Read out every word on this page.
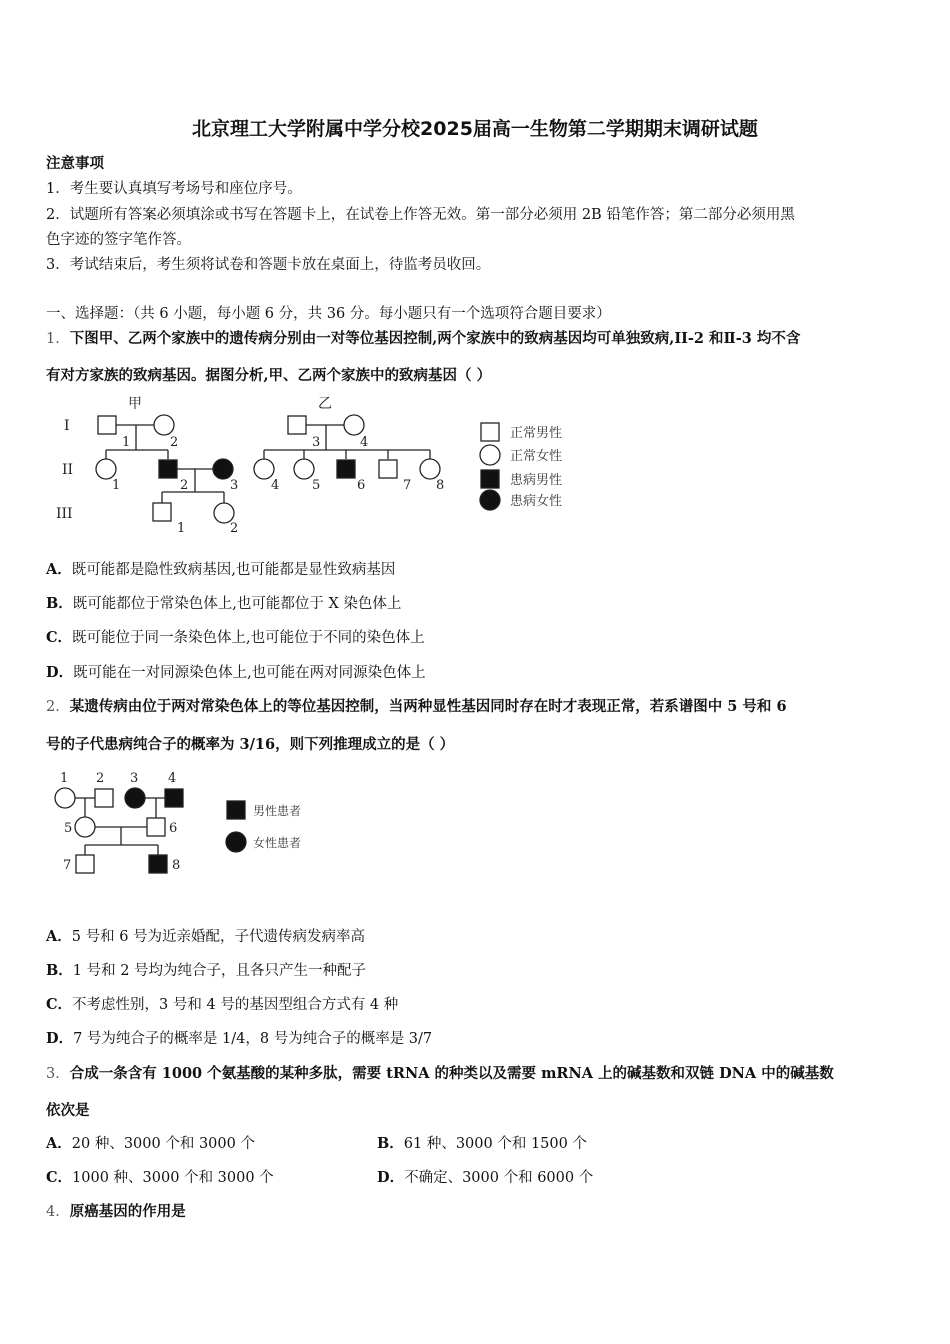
北京理工大学附属中学分校2025届高一生物第二学期期末调研试题
注意事项
1．考生要认真填写考场号和座位序号。
2．试题所有答案必须填涂或书写在答题卡上，在试卷上作答无效。第一部分必须用 2B 铅笔作答；第二部分必须用黑
色字迹的签字笔作答。
3．考试结束后，考生须将试卷和答题卡放在桌面上，待监考员收回。
一、选择题：（共 6 小题，每小题 6 分，共 36 分。每小题只有一个选项符合题目要求）
1．下图甲、乙两个家族中的遗传病分别由一对等位基因控制,两个家族中的致病基因均可单独致病,II-2 和Ⅱ-3 均不含
有对方家族的致病基因。据图分析,甲、乙两个家族中的致病基因（ ）
甲	乙
I
II
III
1	2	3	4
1	2	3	4	5	6	7 8
1	2
正常男性
正常女性
患病男性
患病女性
A．既可能都是隐性致病基因,也可能都是显性致病基因
B．既可能都位于常染色体上,也可能都位于 X 染色体上
C．既可能位于同一条染色体上,也可能位于不同的染色体上
D．既可能在一对同源染色体上,也可能在两对同源染色体上
2．某遗传病由位于两对常染色体上的等位基因控制，当两种显性基因同时存在时才表现正常，若系谱图中 5 号和 6
号的子代患病纯合子的概率为 3/16，则下列推理成立的是（ ）
1 2 3 4
5	6
7	8
男性患者
女性患者
A．5 号和 6 号为近亲婚配，子代遗传病发病率高
B．1 号和 2 号均为纯合子，且各只产生一种配子
C．不考虑性别，3 号和 4 号的基因型组合方式有 4 种
D．7 号为纯合子的概率是 1/4，8 号为纯合子的概率是 3/7
3．合成一条含有 1000 个氨基酸的某种多肽，需要 tRNA 的种类以及需要 mRNA 上的碱基数和双链 DNA 中的碱基数
依次是
A．20 种、3000 个和 3000 个	B．61 种、3000 个和 1500 个
C．1000 种、3000 个和 3000 个	D．不确定、3000 个和 6000 个
4．原癌基因的作用是
